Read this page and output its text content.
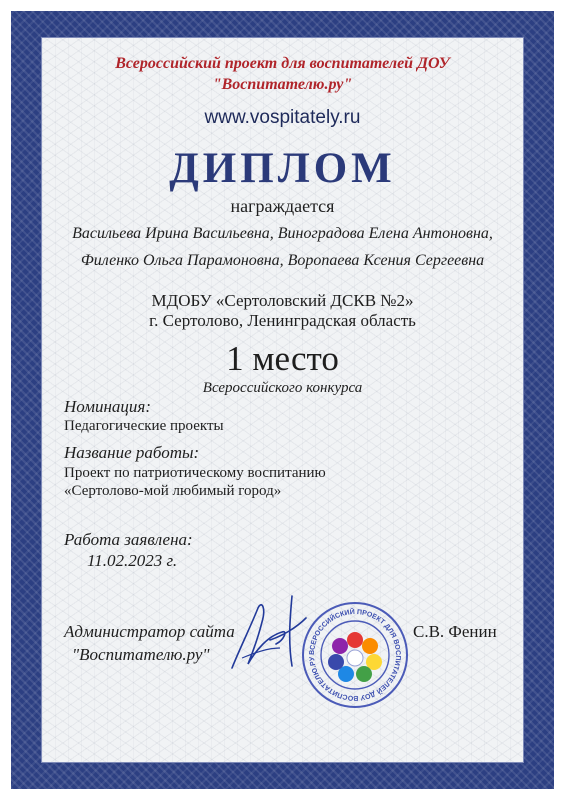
Всероссийский проект для воспитателей ДОУ
"Воспитателю.ру"
www.vospitately.ru
ДИПЛОМ
награждается
Васильева Ирина Васильевна, Виноградова Елена Антоновна,
Филенко Ольга Парамоновна, Воропаева Ксения Сергеевна
МДОБУ «Сертоловский ДСКВ №2»
г. Сертолово, Ленинградская область
1 место
Всероссийского конкурса
Номинация:
Педагогические проекты
Название работы:
Проект по патриотическому воспитанию
«Сертолово-мой любимый город»
Работа заявлена:
11.02.2023 г.
Администратор сайта
"Воспитателю.ру"
С.В. Фенин
ВСЕРОССИЙСКИЙ ПРОЕКТ ДЛЯ ВОСПИТАТЕЛЕЙ ДОУ ВОСПИТАТЕЛЮ.РУ
